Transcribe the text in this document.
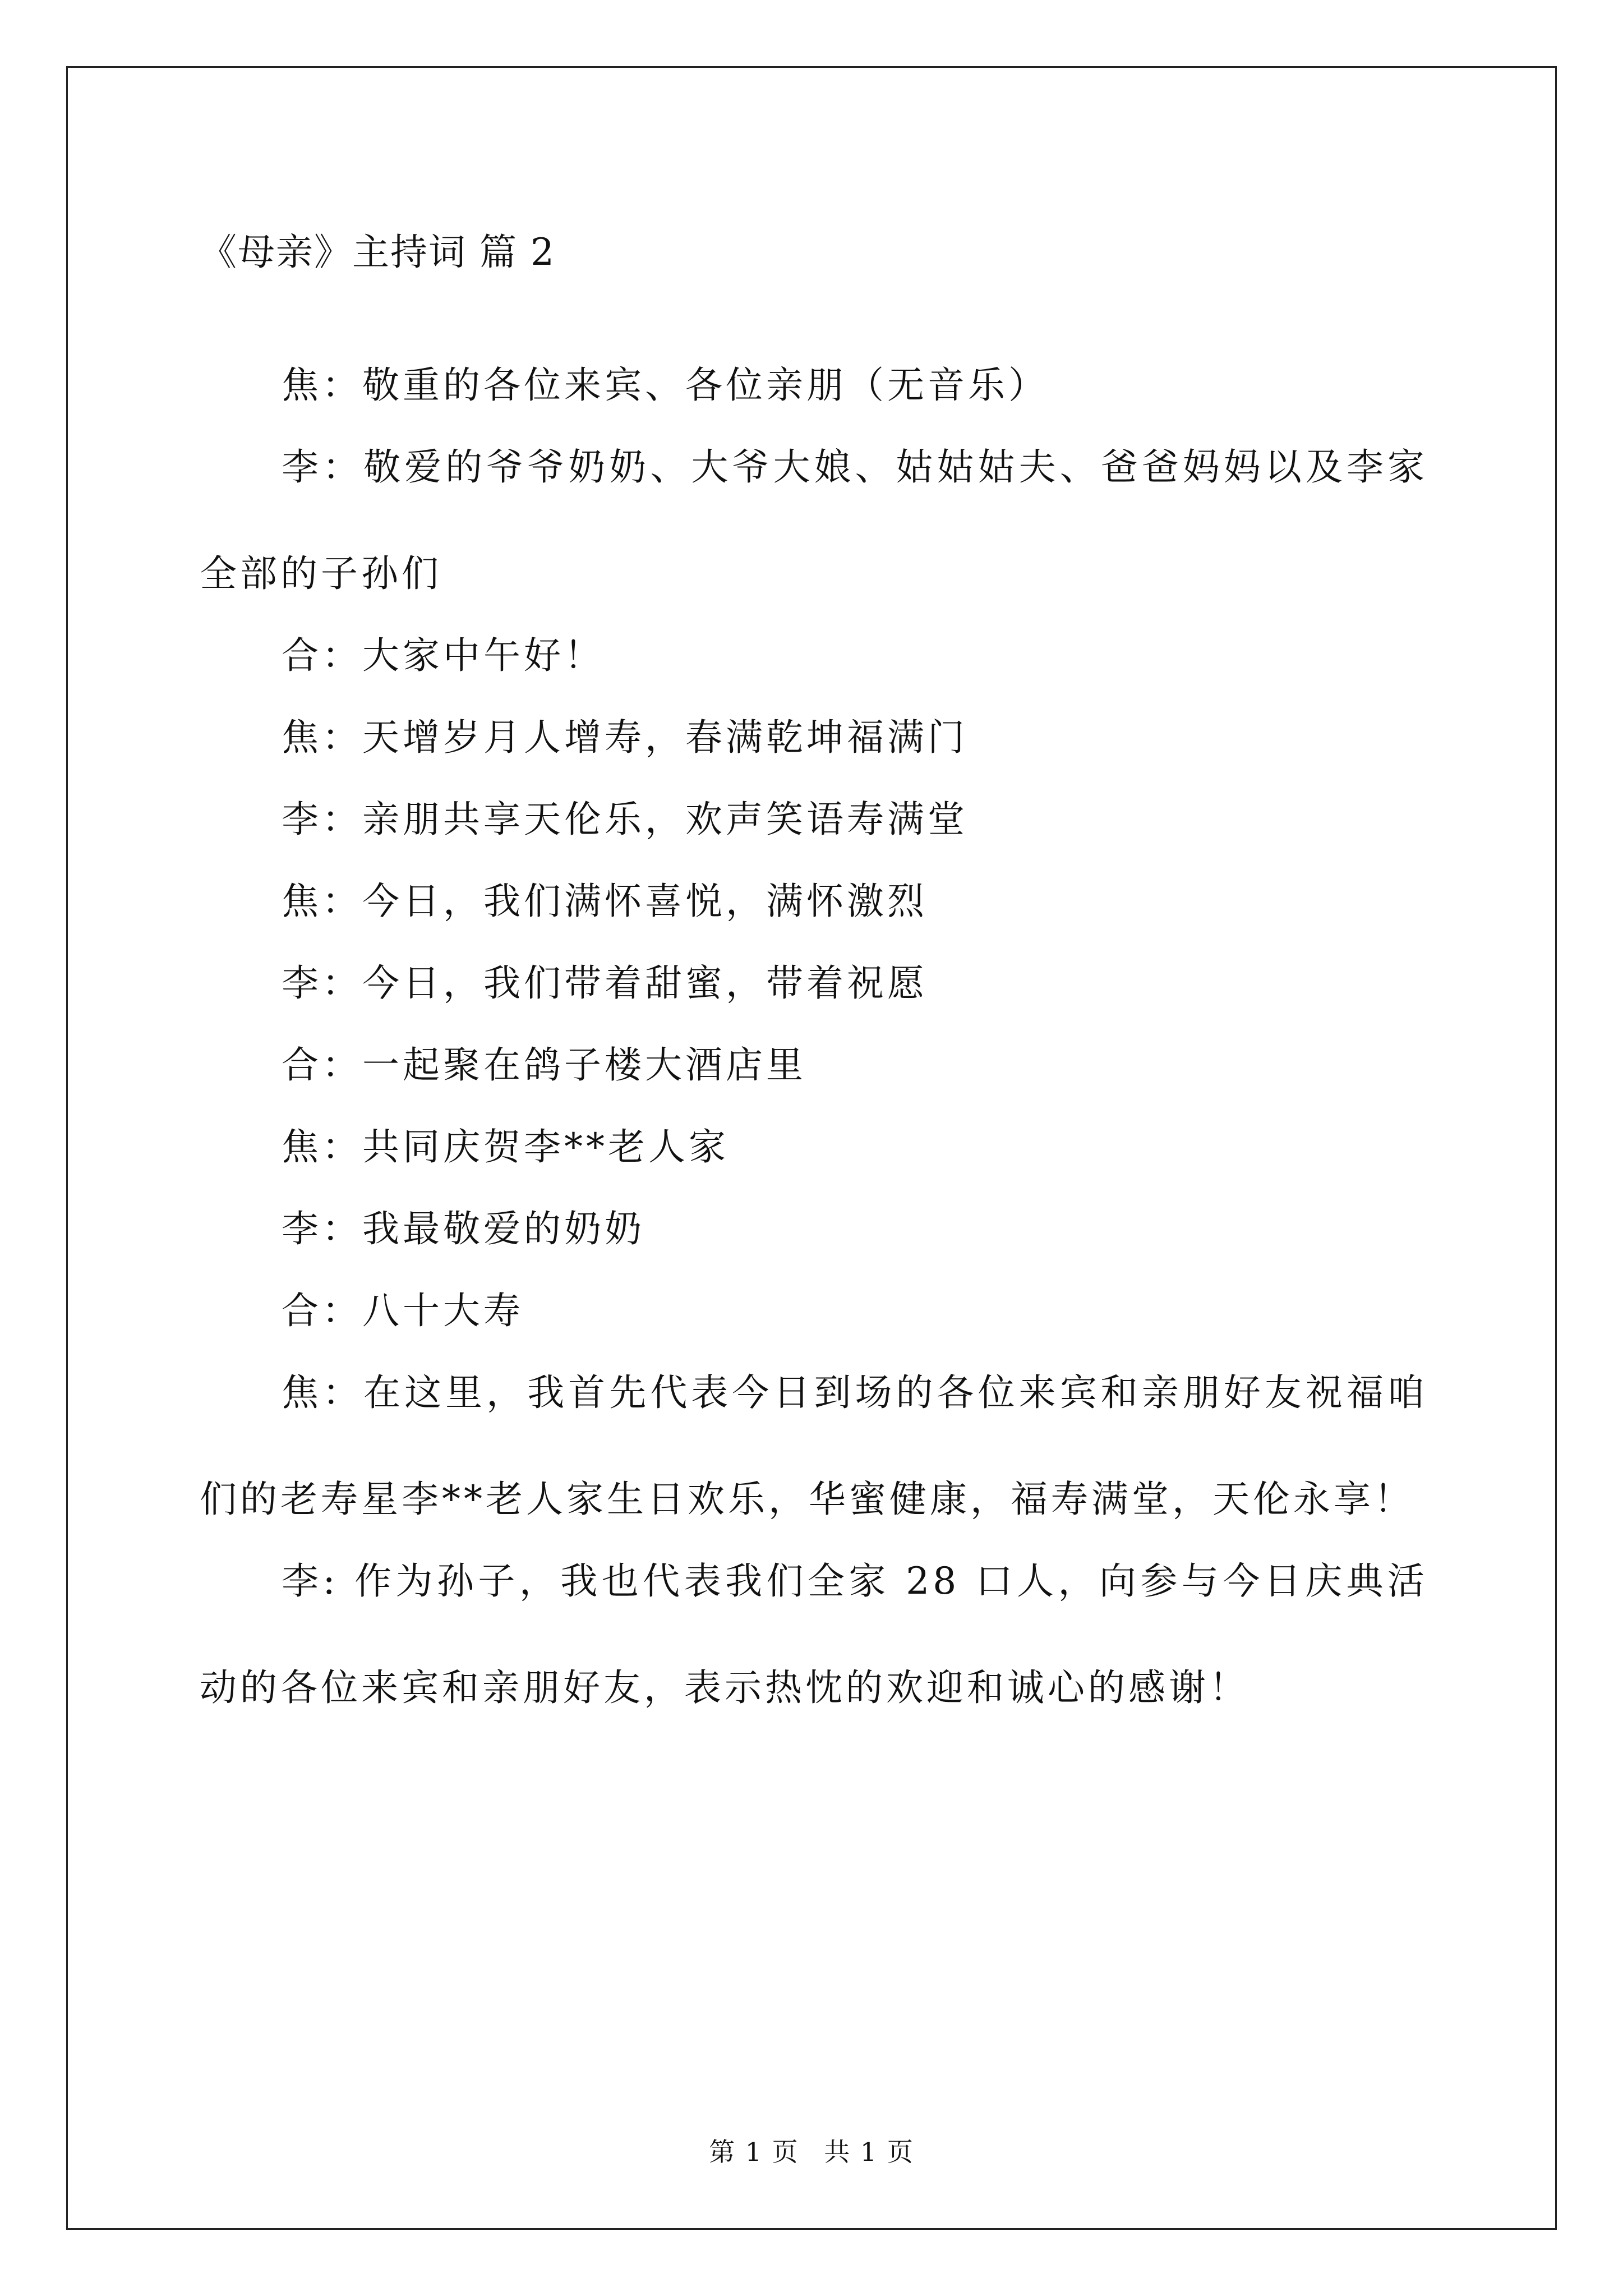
《母亲》主持词 篇 2

焦：敬重的各位来宾、各位亲朋（无音乐）

李：敬爱的爷爷奶奶、大爷大娘、姑姑姑夫、爸爸妈妈以及李家全部的子孙们

合：大家中午好！

焦：天增岁月人增寿，春满乾坤福满门

李：亲朋共享天伦乐，欢声笑语寿满堂

焦：今日，我们满怀喜悦，满怀激烈

李：今日，我们带着甜蜜，带着祝愿

合：一起聚在鸽子楼大酒店里

焦：共同庆贺李**老人家

李：我最敬爱的奶奶

合：八十大寿

焦：在这里，我首先代表今日到场的各位来宾和亲朋好友祝福咱们的老寿星李**老人家生日欢乐，华蜜健康，福寿满堂，天伦永享！

李: 作为孙子，我也代表我们全家 28 口人，向参与今日庆典活动的各位来宾和亲朋好友，表示热忱的欢迎和诚心的感谢！

第 1 页 共 1 页
